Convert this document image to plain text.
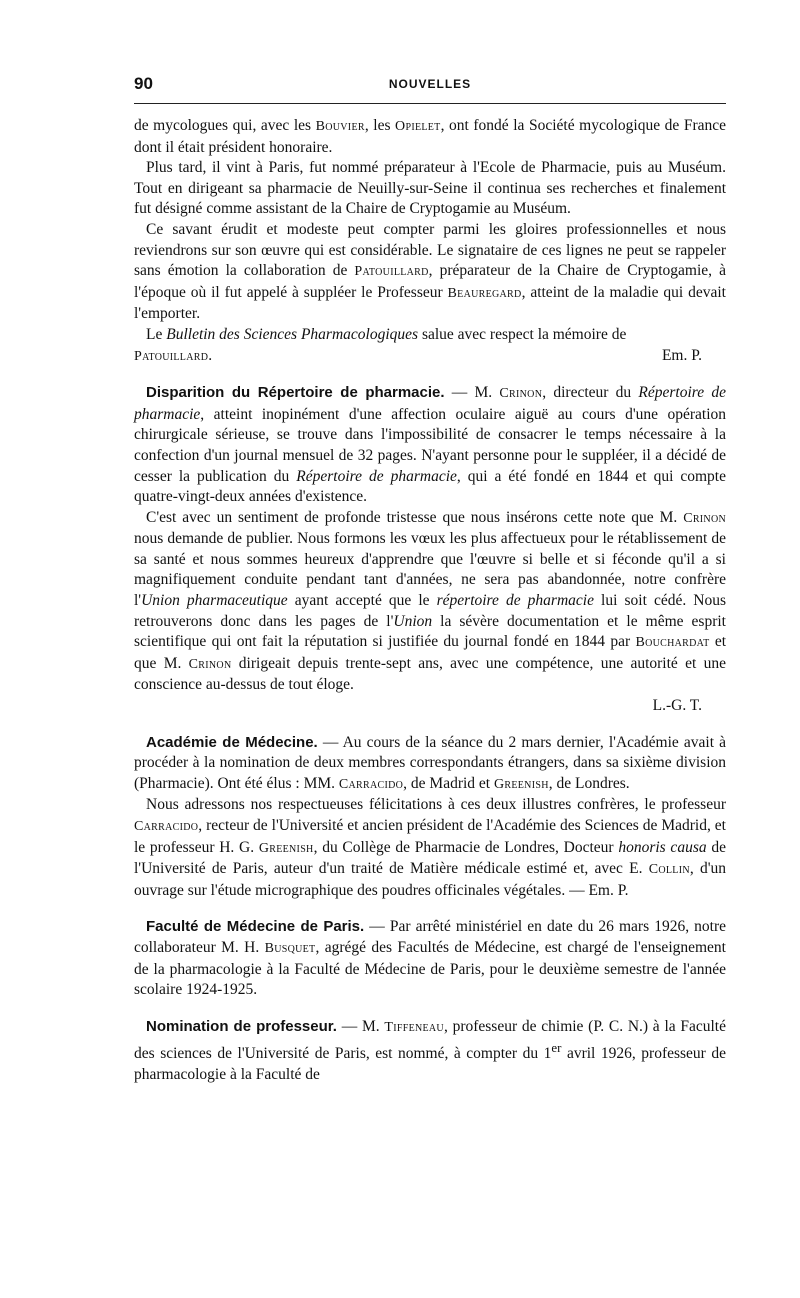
90	NOUVELLES

de mycologues qui, avec les Bouvier, les Opielet, ont fondé la Société mycologique de France dont il était président honoraire.

Plus tard, il vint à Paris, fut nommé préparateur à l'Ecole de Pharmacie, puis au Muséum. Tout en dirigeant sa pharmacie de Neuilly-sur-Seine il continua ses recherches et finalement fut désigné comme assistant de la Chaire de Cryptogamie au Muséum.

Ce savant érudit et modeste peut compter parmi les gloires professionnelles et nous reviendrons sur son œuvre qui est considérable. Le signataire de ces lignes ne peut se rappeler sans émotion la collaboration de Patouillard, préparateur de la Chaire de Cryptogamie, à l'époque où il fut appelé à suppléer le Professeur Beauregard, atteint de la maladie qui devait l'emporter.

Le Bulletin des Sciences Pharmacologiques salue avec respect la mémoire de

Patouillard.	Em. P.

Disparition du Répertoire de pharmacie. — M. Crinon, directeur du Répertoire de pharmacie, atteint inopinément d'une affection oculaire aiguë au cours d'une opération chirurgicale sérieuse, se trouve dans l'impossibilité de consacrer le temps nécessaire à la confection d'un journal mensuel de 32 pages. N'ayant personne pour le suppléer, il a décidé de cesser la publication du Répertoire de pharmacie, qui a été fondé en 1844 et qui compte quatre-vingt-deux années d'existence.

C'est avec un sentiment de profonde tristesse que nous insérons cette note que M. Crinon nous demande de publier. Nous formons les vœux les plus affectueux pour le rétablissement de sa santé et nous sommes heureux d'apprendre que l'œuvre si belle et si féconde qu'il a si magnifiquement conduite pendant tant d'années, ne sera pas abandonnée, notre confrère l'Union pharmaceutique ayant accepté que le répertoire de pharmacie lui soit cédé. Nous retrouverons donc dans les pages de l'Union la sévère documentation et le même esprit scientifique qui ont fait la réputation si justifiée du journal fondé en 1844 par Bouchardat et que M. Crinon dirigeait depuis trente-sept ans, avec une compétence, une autorité et une conscience au-dessus de tout éloge.

L.-G. T.

Académie de Médecine. — Au cours de la séance du 2 mars dernier, l'Académie avait à procéder à la nomination de deux membres correspondants étrangers, dans sa sixième division (Pharmacie). Ont été élus : MM. Carracido, de Madrid et Greenish, de Londres.

Nous adressons nos respectueuses félicitations à ces deux illustres confrères, le professeur Carracido, recteur de l'Université et ancien président de l'Académie des Sciences de Madrid, et le professeur H. G. Greenish, du Collège de Pharmacie de Londres, Docteur honoris causa de l'Université de Paris, auteur d'un traité de Matière médicale estimé et, avec E. Collin, d'un ouvrage sur l'étude micrographique des poudres officinales végétales. — Em. P.

Faculté de Médecine de Paris. — Par arrêté ministériel en date du 26 mars 1926, notre collaborateur M. H. Busquet, agrégé des Facultés de Médecine, est chargé de l'enseignement de la pharmacologie à la Faculté de Médecine de Paris, pour le deuxième semestre de l'année scolaire 1924-1925.

Nomination de professeur. — M. Tiffeneau, professeur de chimie (P. C. N.) à la Faculté des sciences de l'Université de Paris, est nommé, à compter du 1er avril 1926, professeur de pharmacologie à la Faculté de
